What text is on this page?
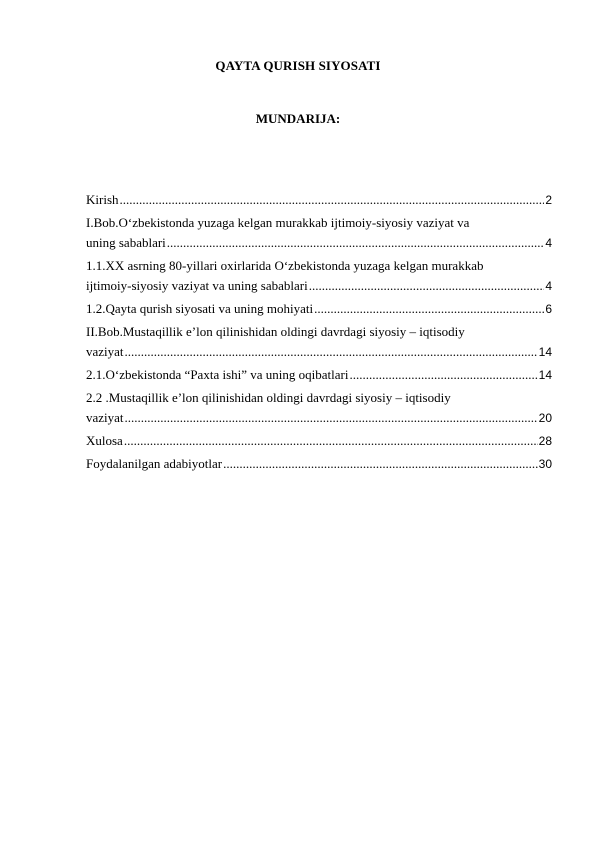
QAYTA QURISH SIYOSATI
MUNDARIJA:
Kirish .....	2
I.Bob.O‘zbekistonda yuzaga kelgan murakkab ijtimoiy-siyosiy vaziyat va
uning sabablari .....	4
1.1.XX asrning 80-yillari oxirlarida O‘zbekistonda yuzaga kelgan murakkab
ijtimoiy-siyosiy vaziyat va uning sabablari .....	4
1.2.Qayta qurish siyosati va uning mohiyati .....	6
II.Bob.Mustaqillik e’lon qilinishidan oldingi davrdagi siyosiy – iqtisodiy
vaziyat .....	14
2.1.O‘zbekistonda “Paxta ishi” va uning oqibatlari .....	14
2.2 .Mustaqillik e’lon qilinishidan oldingi davrdagi siyosiy – iqtisodiy
vaziyat .....	20
Xulosa .....	28
Foydalanilgan adabiyotlar .....	30
